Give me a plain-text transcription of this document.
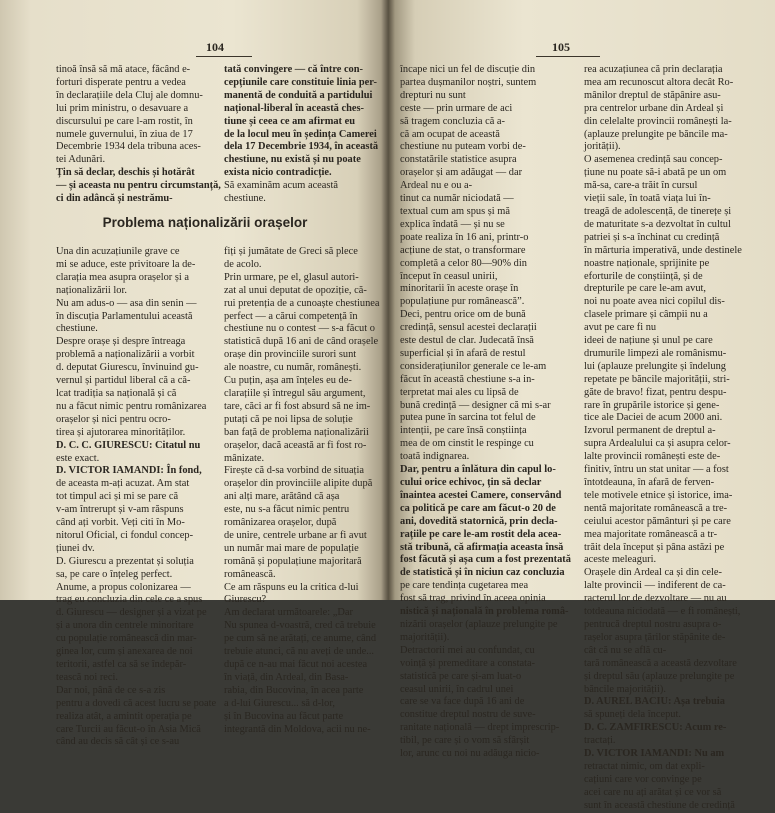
104
tinoă însă să mă atace, făcând e-
forturi disperate pentru a vedea
în declarațiile dela Cluj ale domnu-
lui prim ministru, o desavuare a
discursului pe care l-am rostit, în
numele guvernului, în ziua de 17
Decembrie 1934 dela tribuna aces-
tei Adunări.
Țin să declar, deschis și hotărât
— și aceasta nu pentru circumstanță,
ci din adâncă și nestrămu-
tată convingere — că între con-
cepțiunile care constituie linia per-
manentă de conduită a partidului
național-liberal în această ches-
tiune și ceea ce am afirmat eu
de la locul meu în ședința Camerei
dela 17 Decembrie 1934, în această
chestiune, nu există și nu poate
exista nicio contradicție.
Să examinăm acum această
chestiune.
Problema naționalizării orașelor
Una din acuzațiunile grave ce
mi se aduce, este privitoare la de-
clarația mea asupra orașelor și a
naționalizării lor.
Nu am adus-o — asa din senin —
în discuția Parlamentului această
chestiune.
Despre orașe și despre întreaga
problemă a naționalizării a vorbit
d. deputat Giurescu, învinuind gu-
vernul și partidul liberal că a că-
lcat tradiția sa națională și că
nu a făcut nimic pentru românizarea
orașelor și nici pentru ocro-
tirea și ajutorarea minorităților.
D. C. C. GIURESCU: Citatul nu
este exact.
D. VICTOR IAMANDI: În fond,
de aceasta m-ați acuzat. Am stat
tot timpul aci și mi se pare că
v-am întrerupt și v-am răspuns
când ați vorbit. Veți citi în Mo-
nitorul Oficial, ci fondul concep-
țiunei dv.
D. Giurescu a prezentat și soluția
sa, pe care o înțeleg perfect.
Anume, a propus colonizarea —
trag eu concluzia din cele ce a spus
d. Giurescu — designer și a vizat pe
și a unora din centrele minoritare
cu populație românească din mar-
ginea lor, cum și anexarea de noi
teritorii, astfel ca să se îndepăr-
tească noi reci.
Dar noi, până de ce s-a zis
pentru a dovedi că acest lucru se poate
realiza atât, a amintit operația pe
care Turcii au făcut-o în Asia Mică
când au decis să cât și ce s-au
fiți și jumătate de Greci să plece
de acolo.
Prin urmare, pe el, glasul autori-
zat al unui deputat de opoziție, că-
rui pretenția de a cunoaște chestiunea
perfect — a cărui competență în
chestiune nu o contest — s-a făcut o
statistică după 16 ani de când orașele
orașe din provinciile surori sunt
ale noastre, cu număr, românești.
Cu puțin, așa am înțeles eu de-
clarațiile și întregul său argument,
tare, căci ar fi fost absurd să ne im-
putați că pe noi lipsa de soluție
ban față de problema naționalizării
orașelor, dacă această ar fi fost ro-
mânizate.
Firește că d-sa vorbind de situația
orașelor din provinciile alipite după
ani alți mare, arătând că așa
este, nu s-a făcut nimic pentru
românizarea orașelor, după
de unire, centrele urbane ar fi avut
un număr mai mare de populație
română și populațiune majoritară
românească.
Ce am răspuns eu la critica d-lui
Giurescu?
Am declarat următoarele: „Dar
Nu spunea d-voastră, cred că trebuie
pe cum să ne arătați, ce anume, când
trebuie atunci, că nu aveți de unde...
după ce n-au mai făcut noi acestea
în viață, din Ardeal, din Basa-
rabia, din Bucovina, în acea parte
a d-lui Giurescu... să d-lor,
și în Bucovina au făcut parte
integrantă din Moldova, acii nu ne-
105
încape nici un fel de discuție din
partea dușmanilor noștri, suntem
drepturi nu sunt
ceste — prin urmare de aci
să tragem concluzia că a-
că am ocupat de această
chestiune nu puteam vorbi de-
constatările statistice asupra
orașelor și am adăugat — dar
Ardeal nu e ou a-
tinut ca număr niciodată —
textual cum am spus și mă
explica îndată — și nu se
poate realiza în 16 ani, printr-o
acțiune de stat, o transformare
completă a celor 80—90% din
început în ceasul unirii,
minoritarii în aceste orașe în
populațiune pur românească”.
Deci, pentru orice om de bună
credință, sensul acestei declarații
este destul de clar. Judecată însă
superficial și în afară de restul
considerațiunilor generale ce le-am
făcut în această chestiune s-a in-
terpretat mai ales cu lipsă de
bună credință — designer că mi s-ar
putea pune în sarcina tot felul de
intenții, pe care însă conștiința
mea de om cinstit le respinge cu
toată indignarea.
Dar, pentru a înlătura din capul lo-
cului orice echivoc, țin să declar
înaintea acestei Camere, conservând
ca politică pe care am făcut-o 20 de
ani, dovedită statornică, prin decla-
rațiile pe care le-am rostit dela acea-
stă tribună, că afirmația aceasta însă
fost făcută și așa cum a fost prezentată
de statistică și în niciun caz concluzia
pe care tendința cugetarea mea
fost să trag, privind în aceea opinia
nistică și națională în problema româ-
nizării orașelor (aplauze prelungite pe
majorității).
Detractorii mei au confundat, cu
voință și premeditare a constata-
statistică pe care și-am luat-o
ceasul unirii, în cadrul unei
care se va face după 16 ani de
constitue dreptul nostru de suve-
ranitate națională — drept imprescrip-
tibil, pe care și o vom să sfârșit
lor, arunc cu noi nu adăuga nicio-
rea acuzațiunea că prin declarația
mea am recunoscut altora decât Ro-
mânilor dreptul de stăpânire asu-
pra centrelor urbane din Ardeal și
din celelalte provincii românești la-
(aplauze prelungite pe băncile ma-
jorității).
O asemenea credință sau concep-
țiune nu poate să-i abată pe un om
mă-sa, care-a trăit în cursul
vieții sale, în toată viața lui în-
treagă de adolescență, de tinerețe și
de maturitate s-a dezvoltat în cultul
patriei și s-a închinat cu credință
în mărturia imperativă, unde destinele
noastre naționale, sprijinite pe
eforturile de conștiință, și de
drepturile pe care le-am avut,
noi nu poate avea nici copilul dis-
clasele primare și câmpii nu a
avut pe care fi nu
ideei de națiune și unul pe care
drumurile limpezi ale românismu-
lui (aplauze prelungite și îndelung
repetate pe băncile majorității, stri-
găte de bravo! fizat, pentru despu-
rare în grupările istorice și gene-
tice ale Daciei de acum 2000 ani.
Izvorul permanent de dreptul a-
supra Ardealului ca și asupra celor-
lalte provincii românești este de-
finitiv, întru un stat unitar — a fost
întotdeauna, în afară de ferven-
tele motivele etnice și istorice, ima-
nentă majoritate românească a tre-
ceiului acestor pământuri și pe care
mea majoritate românească a tr-
trăit dela început și pâna astăzi pe
aceste meleaguri.
Orașele din Ardeal ca și din cele-
lalte provincii — indiferent de ca-
racterul lor de dezvoltare — nu au
totdeauna niciodată — e fi românești,
pentrucă dreptul nostru asupra o-
rașelor asupra țărilor stăpânite de-
cât că nu se află cu-
tară românească a această dezvoltare
și dreptul său (aplauze prelungite pe
băncile majorității).
D. AUREL BACIU: Așa trebuia
să spuneți dela început.
D. C. ZAMFIRESCU: Acum re-
tractați.
D. VICTOR IAMANDI: Nu am
retractat nimic, om dat expli-
cațiuni care vor convinge pe
acei care nu ați arătat și ce vor să
sunt în această chestiune de credință
